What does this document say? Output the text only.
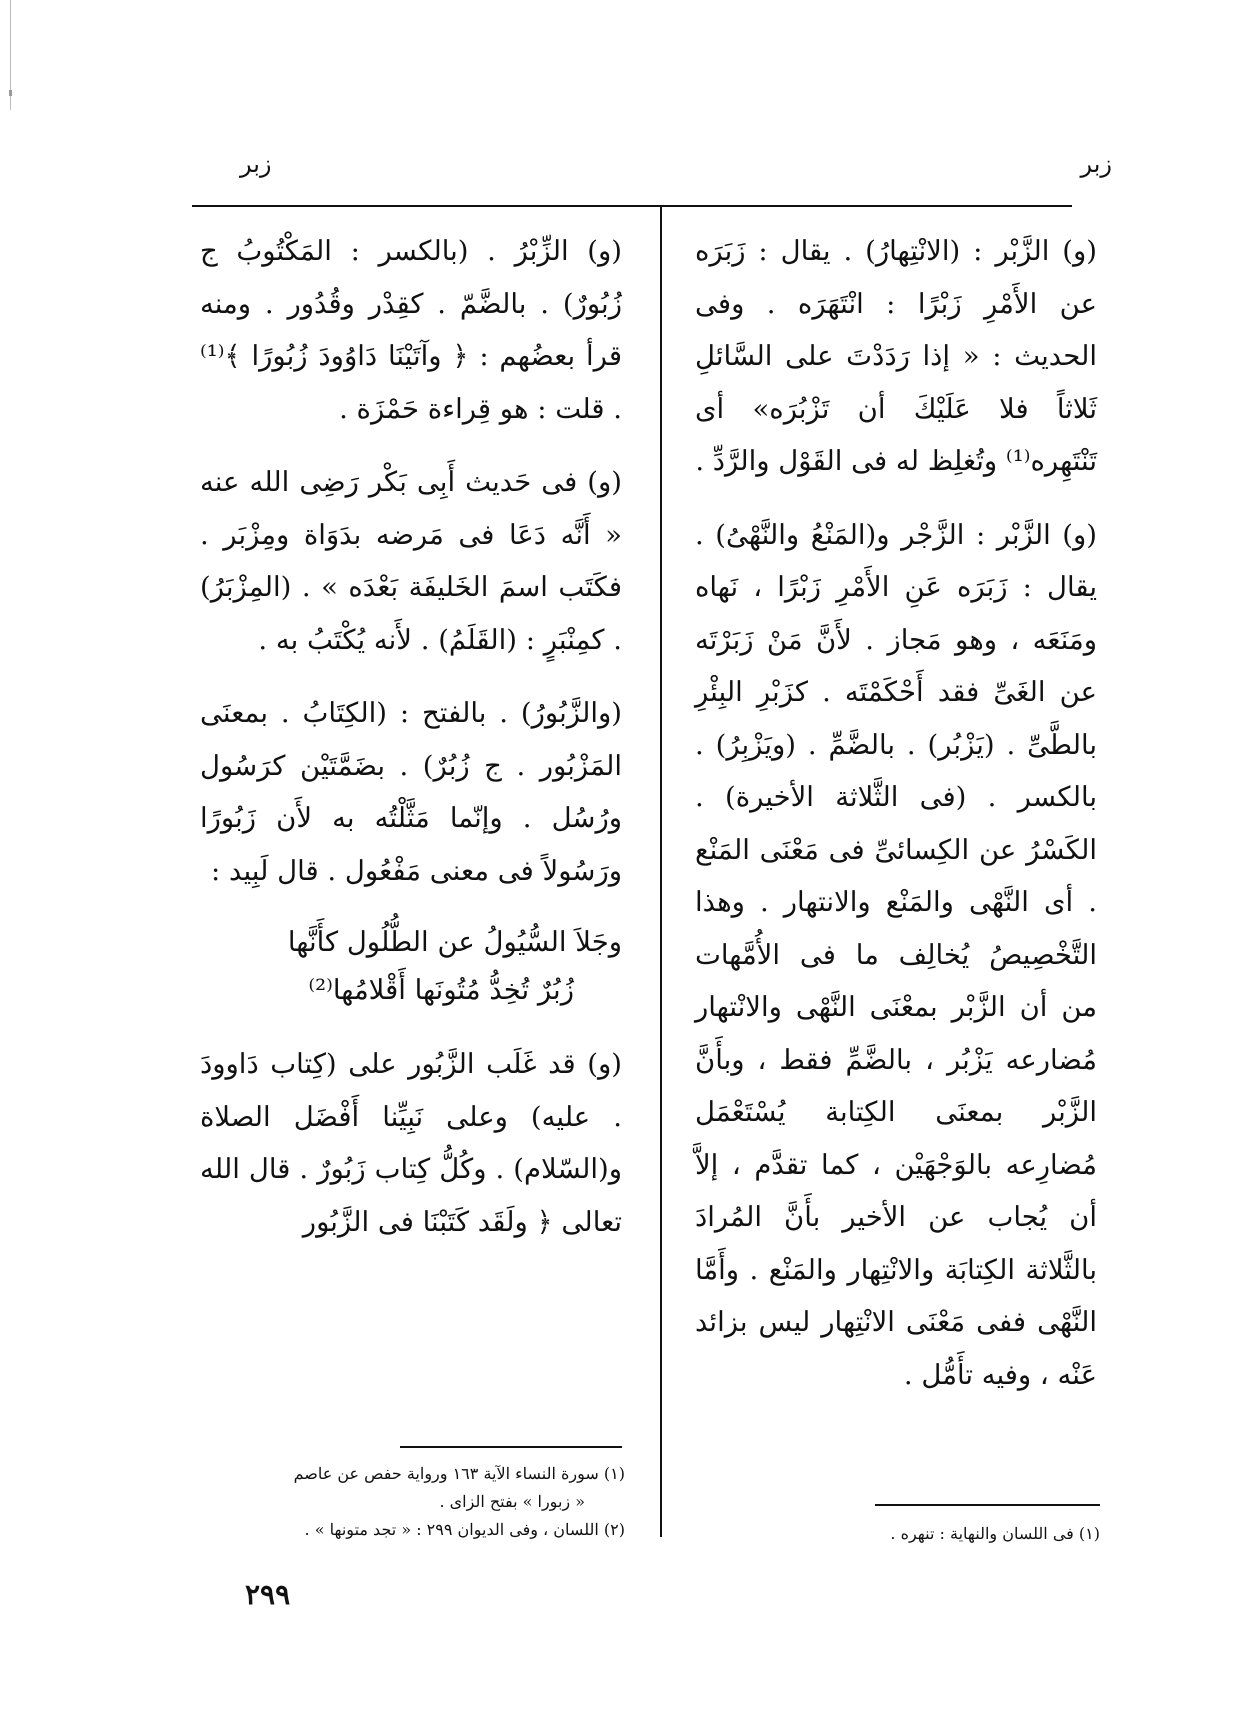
زبر
زبر

(و) الزَّبْر : (الانْتِهارُ) . يقال : زَبَرَه عن الأَمْرِ زَبْرًا : انْتَهَرَه . وفى الحديث : « إذا رَدَدْتَ على السَّائلِ ثَلاثاً فلا عَلَيْكَ أن تَزْبُرَه» أى تَنْتَهِره⁽¹⁾ وتُغلِظ له فى القَوْل والرَّدِّ .

(و) الزَّبْر : الزَّجْر و(المَنْعُ والنَّهْىُ) . يقال : زَبَرَه عَنِ الأَمْرِ زَبْرًا ، نَهاه ومَنَعَه ، وهو مَجاز . لأَنَّ مَنْ زَبَرْتَه عن الغَىِّ فقد أَحْكَمْتَه . كزَبْرِ البِئْرِ بالطَّىِّ . (يَزْبُر) . بالضَّمِّ . (ويَزْبِرُ) . بالكسر . (فى الثَّلاثة الأخيرة) . الكَسْرُ عن الكِسائىِّ فى مَعْنَى المَنْع . أى النَّهْى والمَنْع والانتهار . وهذا التَّخْصِيصُ يُخالِف ما فى الأُمَّهات من أن الزَّبْر بمعْنَى النَّهْى والانْتهار مُضارعه يَزْبُر ، بالضَّمِّ فقط ، وبأَنَّ الزَّبْر بمعنَى الكِتابة يُسْتَعْمَل مُضارِعه بالوَجْهَيْن ، كما تقدَّم ، إلاَّ أن يُجاب عن الأخير بأَنَّ المُرادَ بالثَّلاثة الكِتابَة والانْتِهار والمَنْع . وأَمَّا النَّهْى ففى مَعْنَى الانْتِهار ليس بزائد عَنْه ، وفيه تأَمُّل .

(و) الزِّبْرُ . (بالكسر : المَكْتُوبُ ج زُبُورٌ) . بالضَّمّ . كقِدْر وقُدُور . ومنه قرأ بعضُهم : ﴿ وآتَيْنَا دَاوُودَ زُبُورًا ﴾⁽¹⁾ . قلت : هو قِراءة حَمْزَة .

(و) فى حَديث أَبِى بَكْر رَضِى الله عنه « أَنَّه دَعَا فى مَرضه بدَوَاة ومِزْبَر . فكَتَب اسمَ الخَليفَة بَعْدَه » . (المِزْبَرُ) . كمِنْبَرٍ : (القَلَمُ) . لأَنه يُكْتَبُ به .

(والزَّبُورُ) . بالفتح : (الكِتَابُ . بمعنَى المَزْبُور . ج زُبُرٌ) . بضَمَّتَيْن كرَسُول ورُسُل . وإنّما مَثَّلْتُه به لأَن زَبُورًا ورَسُولاً فى معنى مَفْعُول . قال لَبِيد :

وجَلاَ السُّيُولُ عن الطُّلُول كأَنَّها
زُبُرٌ تُخِدُّ مُتُونَها أَقْلامُها⁽²⁾

(و) قد غَلَب الزَّبُور على (كِتاب دَاوودَ . عليه) وعلى نَبِيِّنا أَفْضَل الصلاة و(السّلام) . وكُلُّ كِتاب زَبُورٌ . قال الله تعالى ﴿ ولَقَد كَتَبْنَا فى الزَّبُور

(١) فى اللسان والنهاية : تنهره .

(١) سورة النساء الآية ١٦٣ ورواية حفص عن عاصم

« زبورا » بفتح الزاى .

(٢) اللسان ، وفى الديوان ٢٩٩ : « تجد متونها » .

٢٩٩
